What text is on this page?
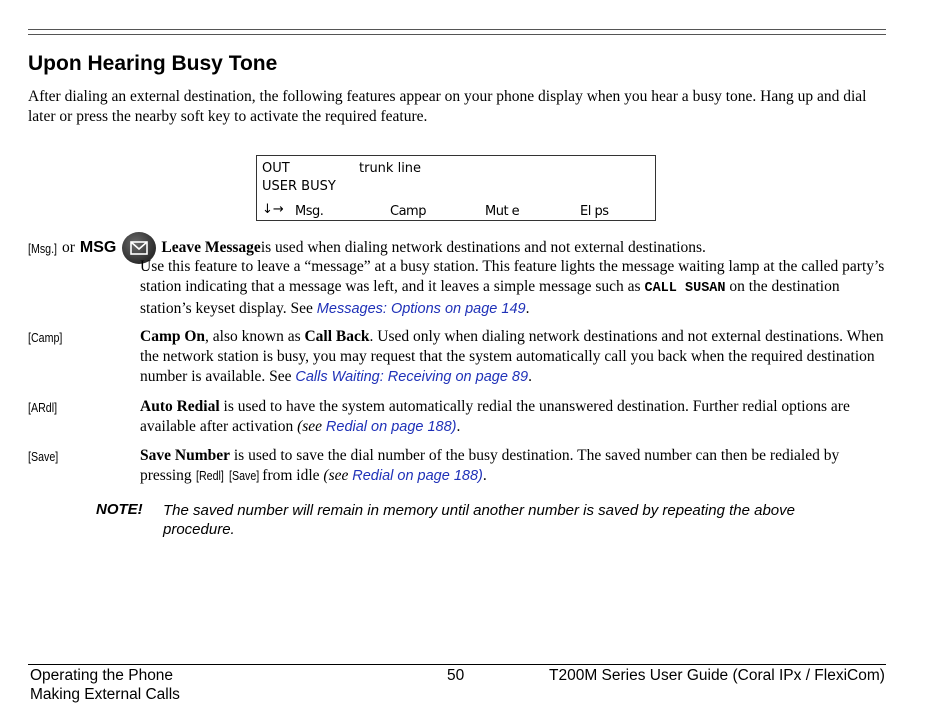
Upon Hearing Busy Tone

After dialing an external destination, the following features appear on your phone display when you hear a busy tone. Hang up and dial later or press the nearby soft key to activate the required feature.

OUT	trunk line
USER BUSY
↓→ Msg.	Camp	Mut e	El ps
[Msg.] or MSG	Leave Message is used when dialing network destinations and not external destinations.

Use this feature to leave a “message” at a busy station. This feature lights the message waiting lamp at the called party’s station indicating that a message was left, and it leaves a simple message such as CALL SUSAN on the destination station’s keyset display. See Messages: Options on page 149.

[Camp]	Camp On, also known as Call Back. Used only when dialing network destinations and not external destinations. When the network station is busy, you may request that the system automatically call you back when the required destination number is available. See Calls Waiting: Receiving on page 89.

[ARdl]	Auto Redial is used to have the system automatically redial the unanswered destination. Further redial options are available after activation (see Redial on page 188).

[Save]	Save Number is used to save the dial number of the busy destination. The saved number can then be redialed by pressing [Redl] [Save] from idle (see Redial on page 188).

NOTE! The saved number will remain in memory until another number is saved by repeating the above procedure.

Operating the Phone
Making External Calls
50	T200M Series User Guide (Coral IPx / FlexiCom)
